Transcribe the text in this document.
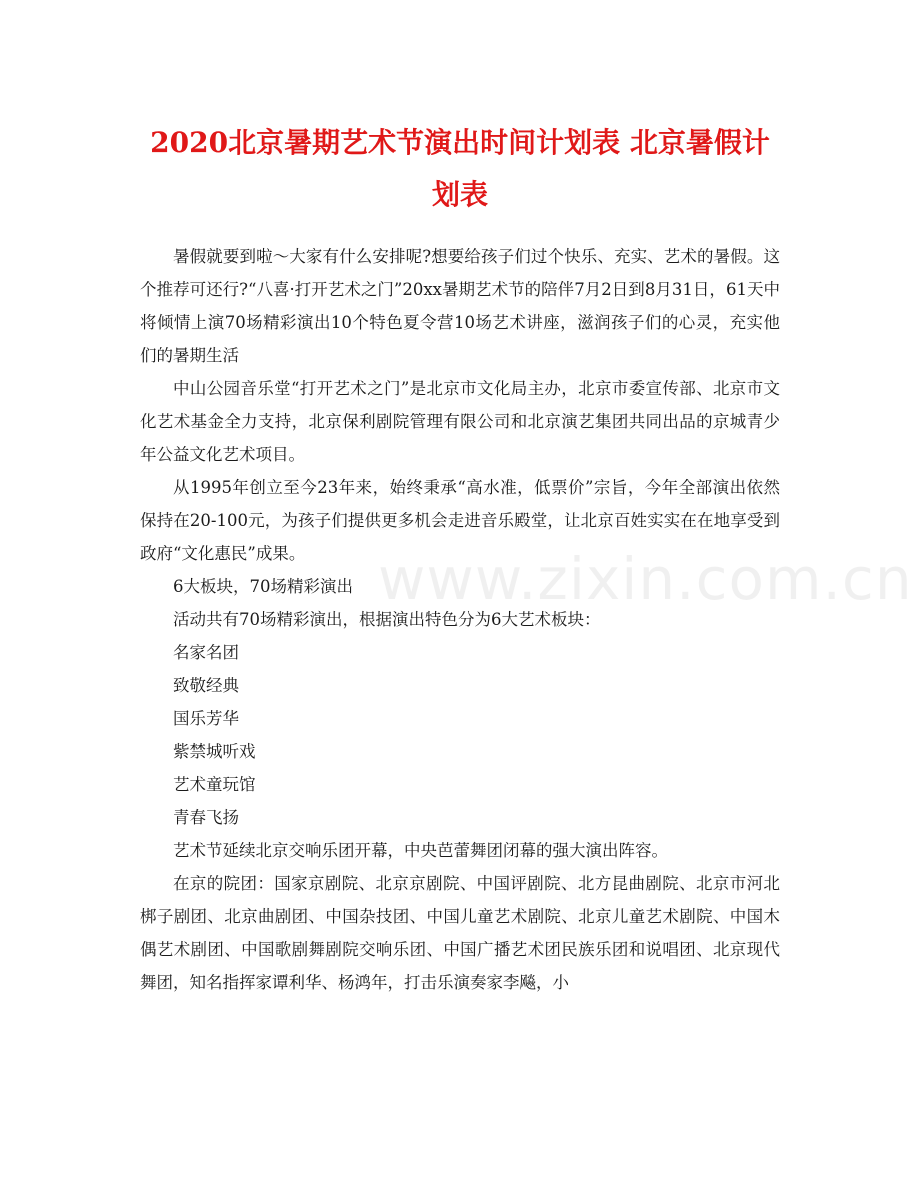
2020北京暑期艺术节演出时间计划表 北京暑假计划表

暑假就要到啦～大家有什么安排呢?想要给孩子们过个快乐、充实、艺术的暑假。这个推荐可还行?“八喜·打开艺术之门”20xx暑期艺术节的陪伴7月2日到8月31日，61天中将倾情上演70场精彩演出10个特色夏令营10场艺术讲座，滋润孩子们的心灵，充实他们的暑期生活

中山公园音乐堂“打开艺术之门”是北京市文化局主办，北京市委宣传部、北京市文化艺术基金全力支持，北京保利剧院管理有限公司和北京演艺集团共同出品的京城青少年公益文化艺术项目。

从1995年创立至今23年来，始终秉承“高水准，低票价”宗旨，今年全部演出依然保持在20-100元，为孩子们提供更多机会走进音乐殿堂，让北京百姓实实在在地享受到政府“文化惠民”成果。

6大板块，70场精彩演出

活动共有70场精彩演出，根据演出特色分为6大艺术板块：

名家名团

致敬经典

国乐芳华

紫禁城听戏

艺术童玩馆

青春飞扬

艺术节延续北京交响乐团开幕，中央芭蕾舞团闭幕的强大演出阵容。

在京的院团：国家京剧院、北京京剧院、中国评剧院、北方昆曲剧院、北京市河北梆子剧团、北京曲剧团、中国杂技团、中国儿童艺术剧院、北京儿童艺术剧院、中国木偶艺术剧团、中国歌剧舞剧院交响乐团、中国广播艺术团民族乐团和说唱团、北京现代舞团，知名指挥家谭利华、杨鸿年，打击乐演奏家李飚，小

www.zixin.com.cn
